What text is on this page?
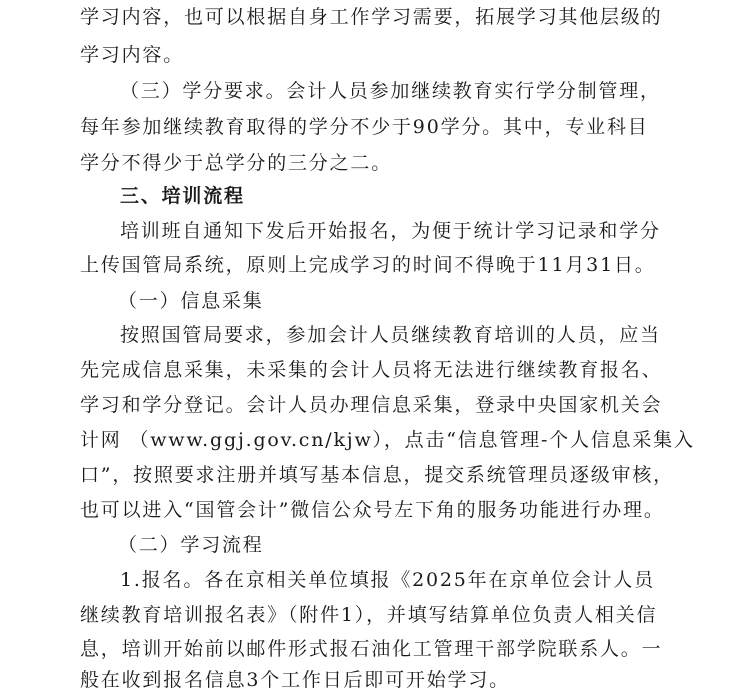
学习内容，也可以根据自身工作学习需要，拓展学习其他层级的
学习内容。
（三）学分要求。会计人员参加继续教育实行学分制管理，
每年参加继续教育取得的学分不少于90学分。其中，专业科目
学分不得少于总学分的三分之二。
三、培训流程
培训班自通知下发后开始报名，为便于统计学习记录和学分
上传国管局系统，原则上完成学习的时间不得晚于11月31日。
（一）信息采集
按照国管局要求，参加会计人员继续教育培训的人员，应当
先完成信息采集，未采集的会计人员将无法进行继续教育报名、
学习和学分登记。会计人员办理信息采集，登录中央国家机关会
计网 （www.ggj.gov.cn/kjw），点击“信息管理-个人信息采集入
口”，按照要求注册并填写基本信息，提交系统管理员逐级审核，
也可以进入“国管会计”微信公众号左下角的服务功能进行办理。
（二）学习流程
1.报名。各在京相关单位填报《2025年在京单位会计人员
继续教育培训报名表》（附件1），并填写结算单位负责人相关信
息，培训开始前以邮件形式报石油化工管理干部学院联系人。一
般在收到报名信息3个工作日后即可开始学习。
